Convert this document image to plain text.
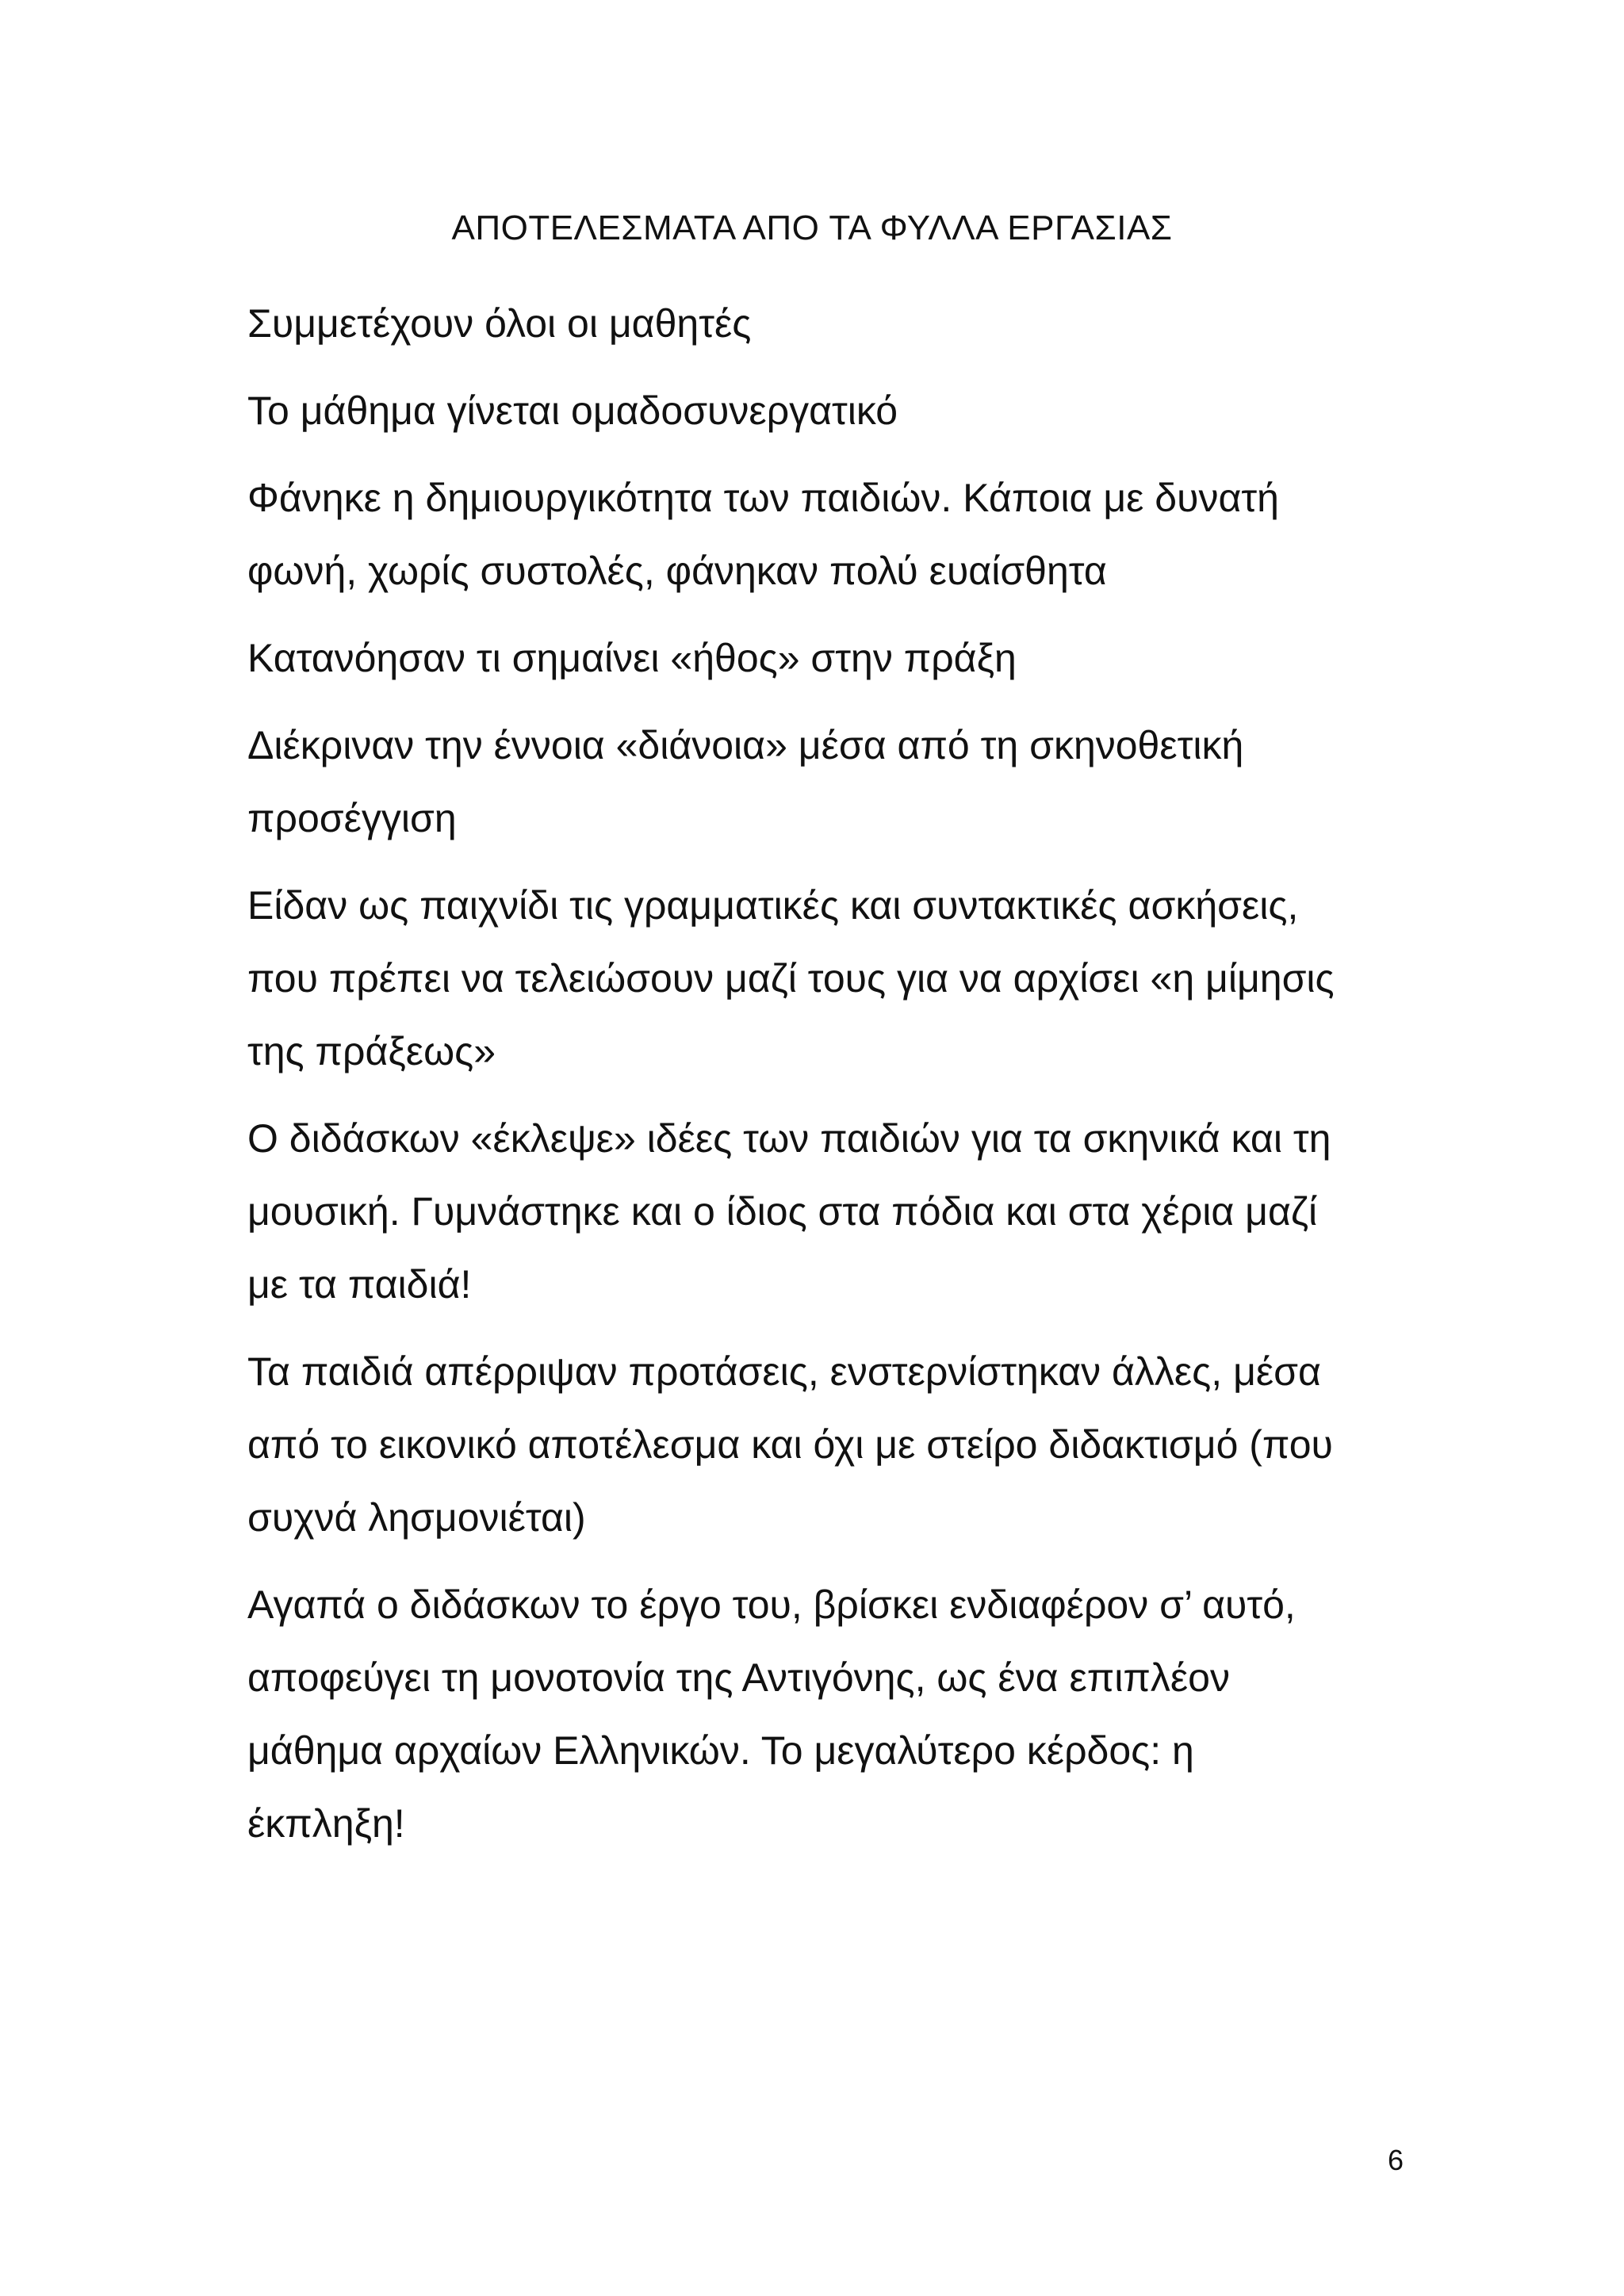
ΑΠΟΤΕΛΕΣΜΑΤΑ ΑΠΟ ΤΑ ΦΥΛΛΑ ΕΡΓΑΣΙΑΣ

Συμμετέχουν όλοι οι μαθητές

Το μάθημα γίνεται ομαδοσυνεργατικό

Φάνηκε η δημιουργικότητα των παιδιών. Κάποια με δυνατή
φωνή, χωρίς συστολές, φάνηκαν πολύ ευαίσθητα

Κατανόησαν τι σημαίνει «ήθος» στην πράξη

Διέκριναν την έννοια «διάνοια» μέσα από τη σκηνοθετική
προσέγγιση

Είδαν ως παιχνίδι τις γραμματικές και συντακτικές ασκήσεις,
που πρέπει να τελειώσουν μαζί τους για να αρχίσει «η μίμησις
της πράξεως»

Ο διδάσκων «έκλεψε» ιδέες των παιδιών για τα σκηνικά και τη
μουσική. Γυμνάστηκε και ο ίδιος στα πόδια και στα χέρια μαζί
με τα παιδιά!

Τα παιδιά απέρριψαν προτάσεις, ενστερνίστηκαν άλλες, μέσα
από το εικονικό αποτέλεσμα και όχι με στείρο διδακτισμό (που
συχνά λησμονιέται)

Αγαπά ο διδάσκων το έργο του, βρίσκει ενδιαφέρον σ’ αυτό,
αποφεύγει τη μονοτονία της Αντιγόνης, ως ένα επιπλέον
μάθημα αρχαίων Ελληνικών. Το μεγαλύτερο κέρδος: η
έκπληξη!

6
